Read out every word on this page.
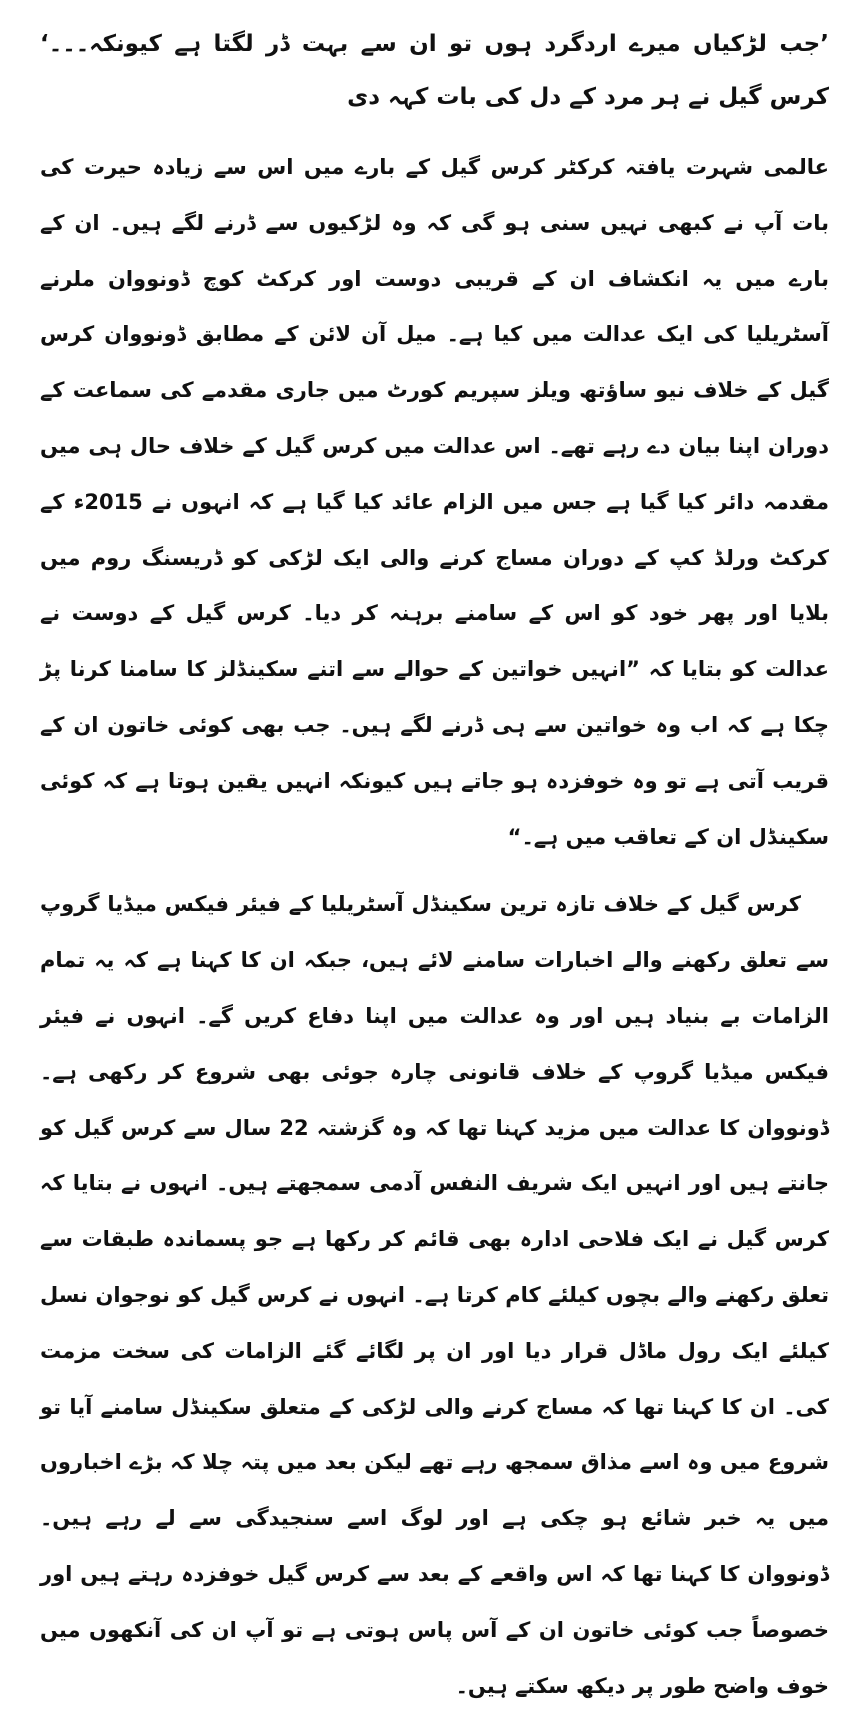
’جب لڑکیاں میرے اردگرد ہوں تو ان سے بہت ڈر لگتا ہے کیونکہ۔۔۔‘ کرس گیل نے ہر مرد کے دل کی بات کہہ دی

عالمی شہرت یافتہ کرکٹر کرس گیل کے بارے میں اس سے زیادہ حیرت کی بات آپ نے کبھی نہیں سنی ہو گی کہ وہ لڑکیوں سے ڈرنے لگے ہیں۔ ان کے بارے میں یہ انکشاف ان کے قریبی دوست اور کرکٹ کوچ ڈونووان ملرنے آسٹریلیا کی ایک عدالت میں کیا ہے۔ میل آن لائن کے مطابق ڈونووان کرس گیل کے خلاف نیو ساﺅتھ ویلز سپریم کورٹ میں جاری مقدمے کی سماعت کے دوران اپنا بیان دے رہے تھے۔ اس عدالت میں کرس گیل کے خلاف حال ہی میں مقدمہ دائر کیا گیا ہے جس میں الزام عائد کیا گیا ہے کہ انہوں نے 2015ء کے کرکٹ ورلڈ کپ کے دوران مساج کرنے والی ایک لڑکی کو ڈریسنگ روم میں بلایا اور پھر خود کو اس کے سامنے برہنہ کر دیا۔ کرس گیل کے دوست نے عدالت کو بتایا کہ ”انہیں خواتین کے حوالے سے اتنے سکینڈلز کا سامنا کرنا پڑ چکا ہے کہ اب وہ خواتین سے ہی ڈرنے لگے ہیں۔ جب بھی کوئی خاتون ان کے قریب آتی ہے تو وہ خوفزدہ ہو جاتے ہیں کیونکہ انہیں یقین ہوتا ہے کہ کوئی سکینڈل ان کے تعاقب میں ہے۔“

کرس گیل کے خلاف تازہ ترین سکینڈل آسٹریلیا کے فیئر فیکس میڈیا گروپ سے تعلق رکھنے والے اخبارات سامنے لائے ہیں، جبکہ ان کا کہنا ہے کہ یہ تمام الزامات بے بنیاد ہیں اور وہ عدالت میں اپنا دفاع کریں گے۔ انہوں نے فیئر فیکس میڈیا گروپ کے خلاف قانونی چارہ جوئی بھی شروع کر رکھی ہے۔ ڈونووان کا عدالت میں مزید کہنا تھا کہ وہ گزشتہ 22 سال سے کرس گیل کو جانتے ہیں اور انہیں ایک شریف النفس آدمی سمجھتے ہیں۔ انہوں نے بتایا کہ کرس گیل نے ایک فلاحی ادارہ بھی قائم کر رکھا ہے جو پسماندہ طبقات سے تعلق رکھنے والے بچوں کیلئے کام کرتا ہے۔ انہوں نے کرس گیل کو نوجوان نسل کیلئے ایک رول ماڈل قرار دیا اور ان پر لگائے گئے الزامات کی سخت مزمت کی۔ ان کا کہنا تھا کہ مساج کرنے والی لڑکی کے متعلق سکینڈل سامنے آیا تو شروع میں وہ اسے مذاق سمجھ رہے تھے لیکن بعد میں پتہ چلا کہ بڑے اخباروں میں یہ خبر شائع ہو چکی ہے اور لوگ اسے سنجیدگی سے لے رہے ہیں۔ ڈونووان کا کہنا تھا کہ اس واقعے کے بعد سے کرس گیل خوفزدہ رہتے ہیں اور خصوصاً جب کوئی خاتون ان کے آس پاس ہوتی ہے تو آپ ان کی آنکھوں میں خوف واضح طور پر دیکھ سکتے ہیں۔
